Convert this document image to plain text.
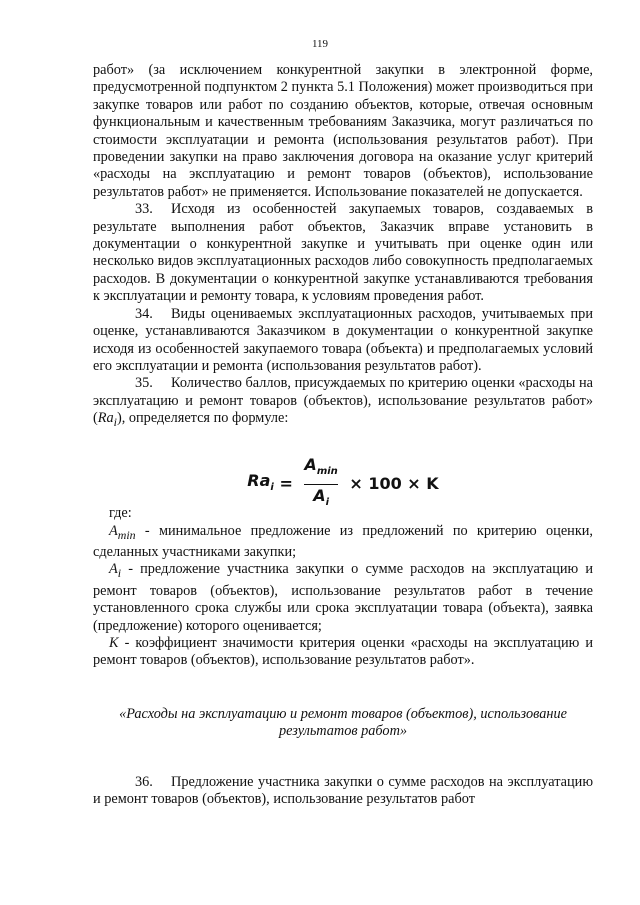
119

работ» (за исключением конкурентной закупки в электронной форме, предусмотренной подпунктом 2 пункта 5.1 Положения) может производиться при закупке товаров или работ по созданию объектов, которые, отвечая основным функциональным и качественным требованиям Заказчика, могут различаться по стоимости эксплуатации и ремонта (использования результатов работ). При проведении закупки на право заключения договора на оказание услуг критерий «расходы на эксплуатацию и ремонт товаров (объектов), использование результатов работ» не применяется. Использование показателей не допускается.

33. Исходя из особенностей закупаемых товаров, создаваемых в результате выполнения работ объектов, Заказчик вправе установить в документации о конкурентной закупке и учитывать при оценке один или несколько видов эксплуатационных расходов либо совокупность предполагаемых расходов. В документации о конкурентной закупке устанавливаются требования к эксплуатации и ремонту товара, к условиям проведения работ.

34. Виды оцениваемых эксплуатационных расходов, учитываемых при оценке, устанавливаются Заказчиком в документации о конкурентной закупке исходя из особенностей закупаемого товара (объекта) и предполагаемых условий его эксплуатации и ремонта (использования результатов работ).

35. Количество баллов, присуждаемых по критерию оценки «расходы на эксплуатацию и ремонт товаров (объектов), использование результатов работ» $(Ra_i)$, определяется по формуле:

$Ra_i = \frac{A_{min}}{A_i} \times 100 \times K$

где:

$A_{min}$ - минимальное предложение из предложений по критерию оценки, сделанных участниками закупки;

$A_i$ - предложение участника закупки о сумме расходов на эксплуатацию и ремонт товаров (объектов), использование результатов работ в течение установленного срока службы или срока эксплуатации товара (объекта), заявка (предложение) которого оценивается;

K - коэффициент значимости критерия оценки «расходы на эксплуатацию и ремонт товаров (объектов), использование результатов работ».

«Расходы на эксплуатацию и ремонт товаров (объектов), использование
результатов работ»

36. Предложение участника закупки о сумме расходов на эксплуатацию и ремонт товаров (объектов), использование результатов работ
